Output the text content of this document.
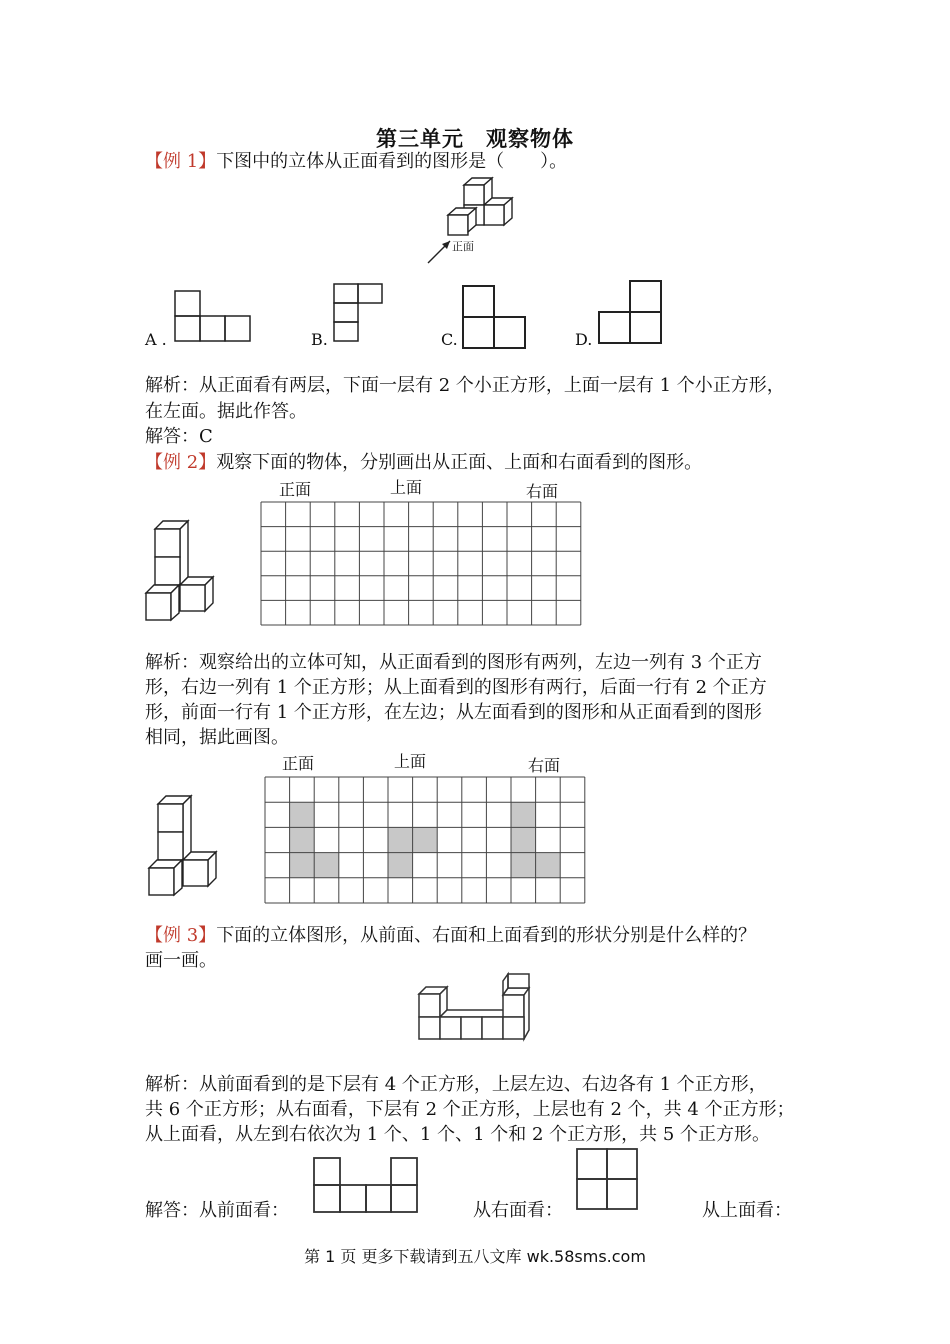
第三单元　观察物体
【例 1】下图中的立体从正面看到的图形是（　　）。
正面
A .	B.	C.	D.
解析：从正面看有两层，下面一层有 2 个小正方形，上面一层有 1 个小正方形，
在左面。据此作答。
解答：C
【例 2】观察下面的物体，分别画出从正面、上面和右面看到的图形。
正面	上面	右面
解析：观察给出的立体可知，从正面看到的图形有两列，左边一列有 3 个正方
形，右边一列有 1 个正方形；从上面看到的图形有两行，后面一行有 2 个正方
形，前面一行有 1 个正方形，在左边；从左面看到的图形和从正面看到的图形
相同，据此画图。
正面	上面	右面
【例 3】下面的立体图形，从前面、右面和上面看到的形状分别是什么样的？
画一画。
解析：从前面看到的是下层有 4 个正方形，上层左边、右边各有 1 个正方形，
共 6 个正方形；从右面看，下层有 2 个正方形，上层也有 2 个，共 4 个正方形；
从上面看，从左到右依次为 1 个、1 个、1 个和 2 个正方形，共 5 个正方形。
解答：从前面看：	从右面看：	从上面看：
第 1 页 更多下载请到五八文库 wk.58sms.com
